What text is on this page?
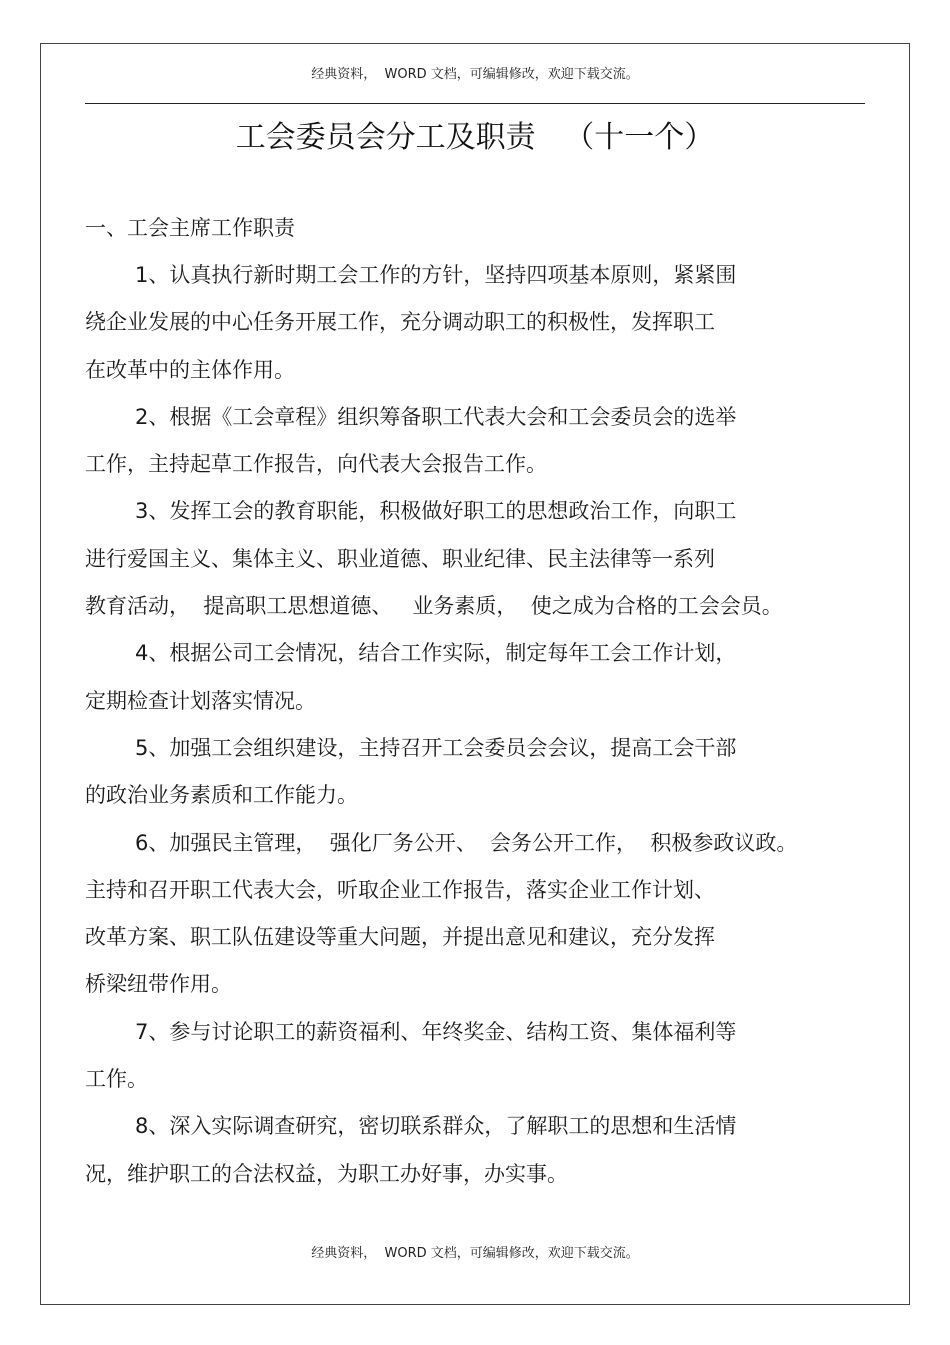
经典资料，  WORD 文档，可编辑修改，欢迎下载交流。
工会委员会分工及职责   （十一个）
一、工会主席工作职责
1、认真执行新时期工会工作的方针，坚持四项基本原则，紧紧围
绕企业发展的中心任务开展工作，充分调动职工的积极性，发挥职工
在改革中的主体作用。
2、根据《工会章程》组织筹备职工代表大会和工会委员会的选举
工作，主持起草工作报告，向代表大会报告工作。
3、发挥工会的教育职能，积极做好职工的思想政治工作，向职工
进行爱国主义、集体主义、职业道德、职业纪律、民主法律等一系列
教育活动，  提高职工思想道德、   业务素质，  使之成为合格的工会会员。
4、根据公司工会情况，结合工作实际，制定每年工会工作计划，
定期检查计划落实情况。
5、加强工会组织建设，主持召开工会委员会会议，提高工会干部
的政治业务素质和工作能力。
6、加强民主管理，  强化厂务公开、  会务公开工作，  积极参政议政。
主持和召开职工代表大会，听取企业工作报告，落实企业工作计划、
改革方案、职工队伍建设等重大问题，并提出意见和建议，充分发挥
桥梁纽带作用。
7、参与讨论职工的薪资福利、年终奖金、结构工资、集体福利等
工作。
8、深入实际调查研究，密切联系群众，了解职工的思想和生活情
况，维护职工的合法权益，为职工办好事，办实事。
经典资料，  WORD 文档，可编辑修改，欢迎下载交流。
